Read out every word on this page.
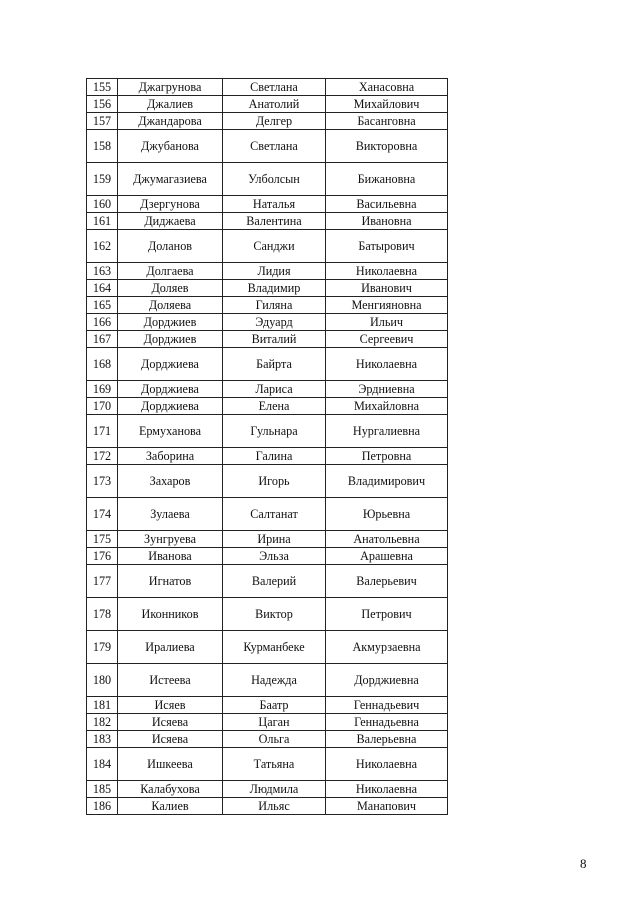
155	Джагрунова	Светлана	Ханасовна
156	Джалиев	Анатолий	Михайлович
157	Джандарова	Делгер	Басанговна
158	Джубанова	Светлана	Викторовна
159	Джумагазиева	Улболсын	Бижановна
160	Дзергунова	Наталья	Васильевна
161	Диджаева	Валентина	Ивановна
162	Доланов	Санджи	Батырович
163	Долгаева	Лидия	Николаевна
164	Доляев	Владимир	Иванович
165	Доляева	Гиляна	Менгияновна
166	Дорджиев	Эдуард	Ильич
167	Дорджиев	Виталий	Сергеевич
168	Дорджиева	Байрта	Николаевна
169	Дорджиева	Лариса	Эрдниевна
170	Дорджиева	Елена	Михайловна
171	Ермуханова	Гульнара	Нургалиевна
172	Заборина	Галина	Петровна
173	Захаров	Игорь	Владимирович
174	Зулаева	Салтанат	Юрьевна
175	Зунгруева	Ирина	Анатольевна
176	Иванова	Эльза	Арашевна
177	Игнатов	Валерий	Валерьевич
178	Иконников	Виктор	Петрович
179	Иралиева	Курманбеке	Акмурзаевна
180	Истеева	Надежда	Дорджиевна
181	Исяев	Баатр	Геннадьевич
182	Исяева	Цаган	Геннадьевна
183	Исяева	Ольга	Валерьевна
184	Ишкеева	Татьяна	Николаевна
185	Калабухова	Людмила	Николаевна
186	Калиев	Ильяс	Манапович
8
